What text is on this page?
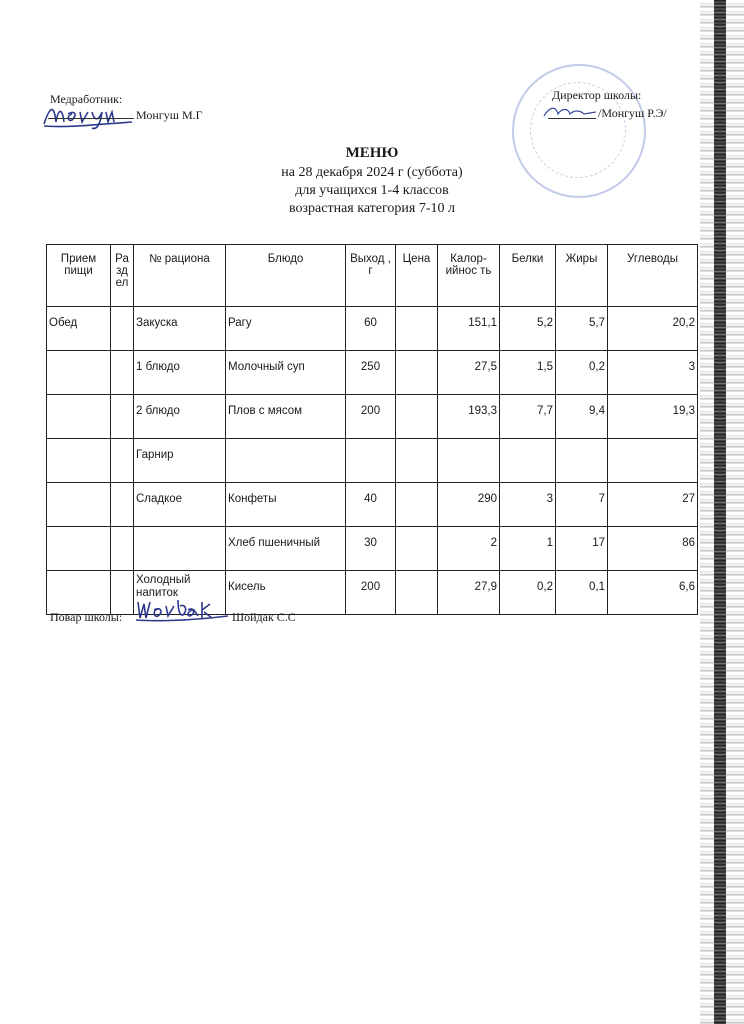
Медработник:
Монгуш М.Г
Директор школы:
/Монгуш Р.Э/
МЕНЮ
на 28 декабря 2024 г (суббота)
для учащихся 1-4 классов
возрастная категория 7-10 л
Прием пищи	Ра зд ел	№ рациона	Блюдо	Выход , г	Цена	Калор- ийнос ть	Белки	Жиры	Углеводы
Обед		Закуска	Рагу	60		151,1	5,2	5,7	20,2
		1 блюдо	Молочный суп	250		27,5	1,5	0,2	3
		2 блюдо	Плов с мясом	200		193,3	7,7	9,4	19,3
		Гарнир							
		Сладкое	Конфеты	40		290	3	7	27
			Хлеб пшеничный	30		2	1	17	86
		Холодный напиток	Кисель	200		27,9	0,2	0,1	6,6
Повар школы:	Шойдак С.С
